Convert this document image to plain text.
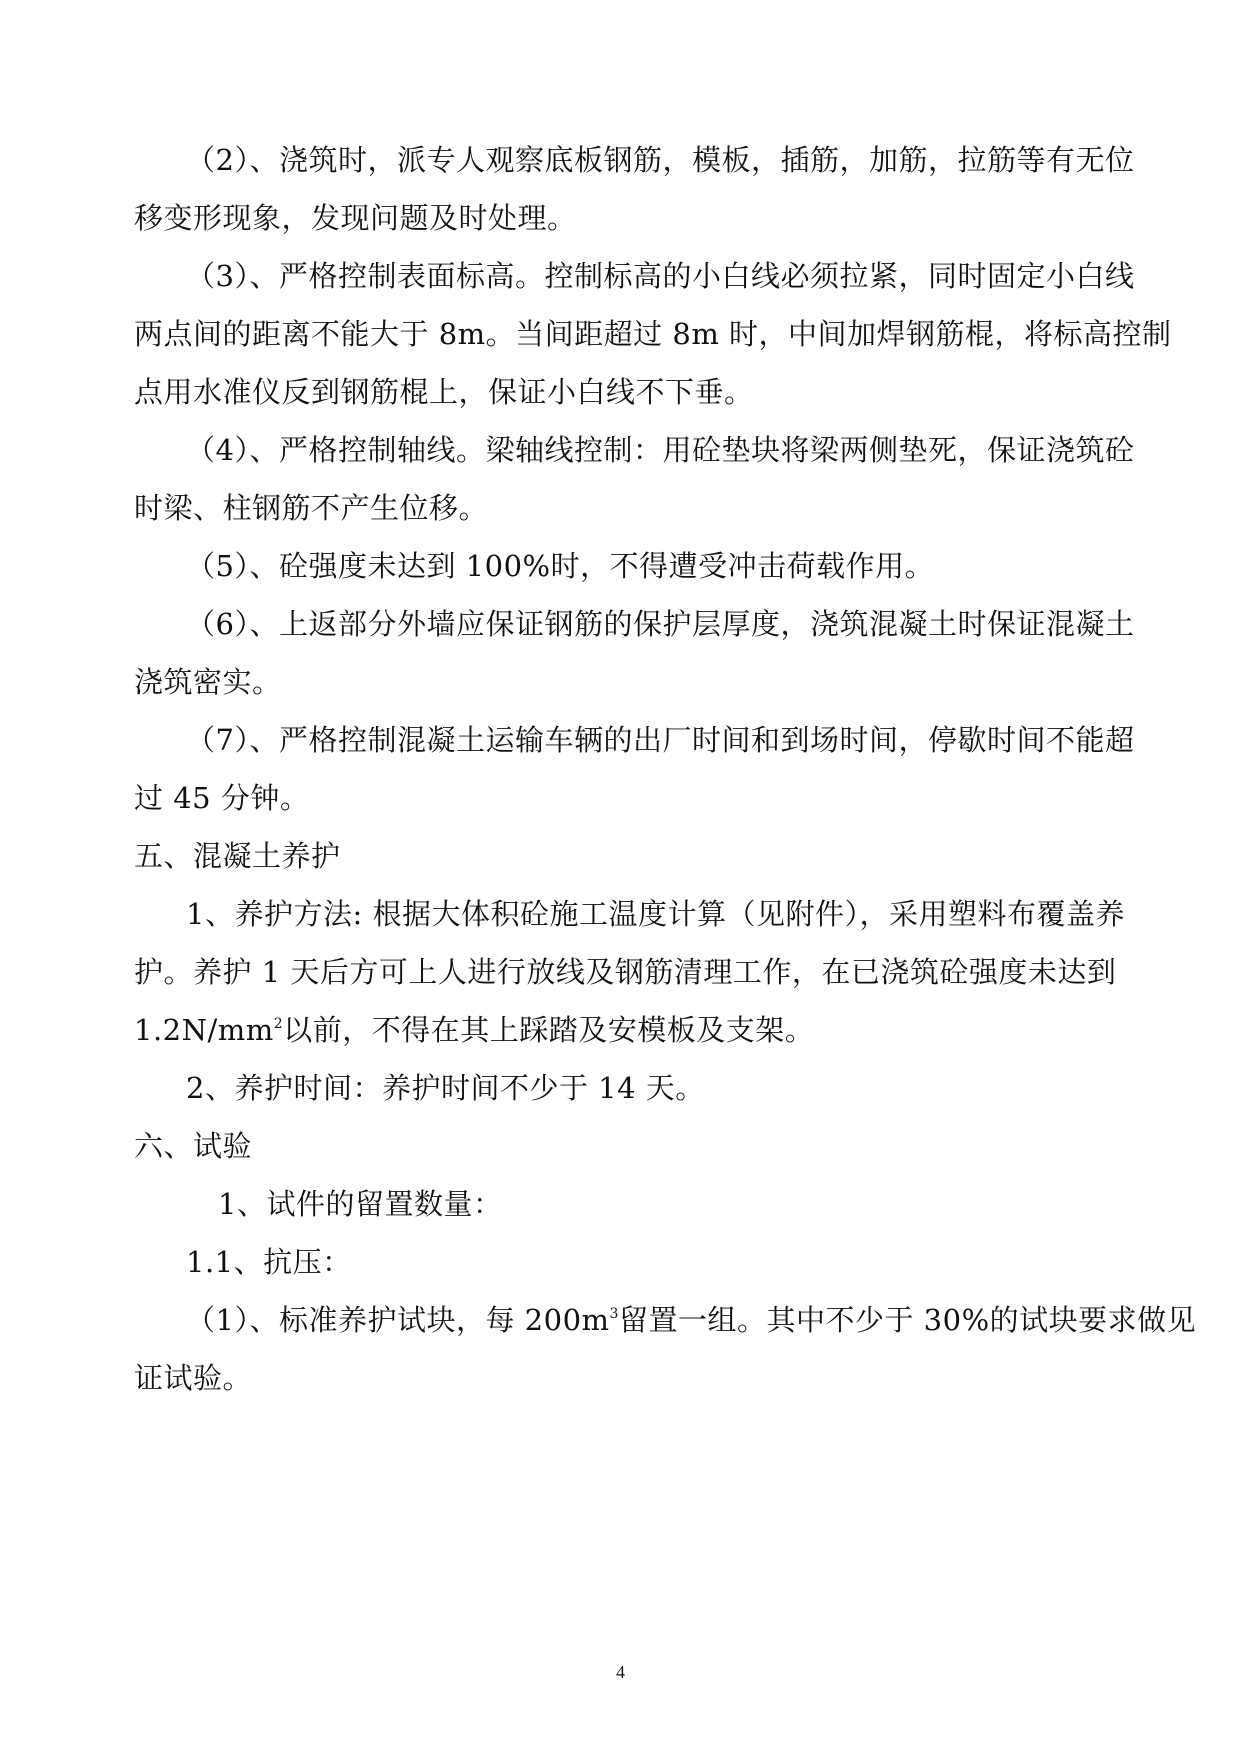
（2）、浇筑时，派专人观察底板钢筋，模板，插筋，加筋，拉筋等有无位
移变形现象，发现问题及时处理。
（3）、严格控制表面标高。控制标高的小白线必须拉紧，同时固定小白线
两点间的距离不能大于 8m。当间距超过 8m 时，中间加焊钢筋棍，将标高控制
点用水准仪反到钢筋棍上，保证小白线不下垂。
（4）、严格控制轴线。梁轴线控制：用砼垫块将梁两侧垫死，保证浇筑砼
时梁、柱钢筋不产生位移。
（5）、砼强度未达到 100%时，不得遭受冲击荷载作用。
（6）、上返部分外墙应保证钢筋的保护层厚度，浇筑混凝土时保证混凝土
浇筑密实。
（7）、严格控制混凝土运输车辆的出厂时间和到场时间，停歇时间不能超
过 45 分钟。
五、混凝土养护
1、养护方法: 根据大体积砼施工温度计算（见附件），采用塑料布覆盖养
护。养护 1 天后方可上人进行放线及钢筋清理工作，在已浇筑砼强度未达到
$1.2N/mm^2$以前，不得在其上踩踏及安模板及支架。
2、养护时间：养护时间不少于 14 天。
六、试验
1、试件的留置数量：
1.1、抗压：
（1）、标准养护试块，每 $200m^3$留置一组。其中不少于 30%的试块要求做见
证试验。
4
